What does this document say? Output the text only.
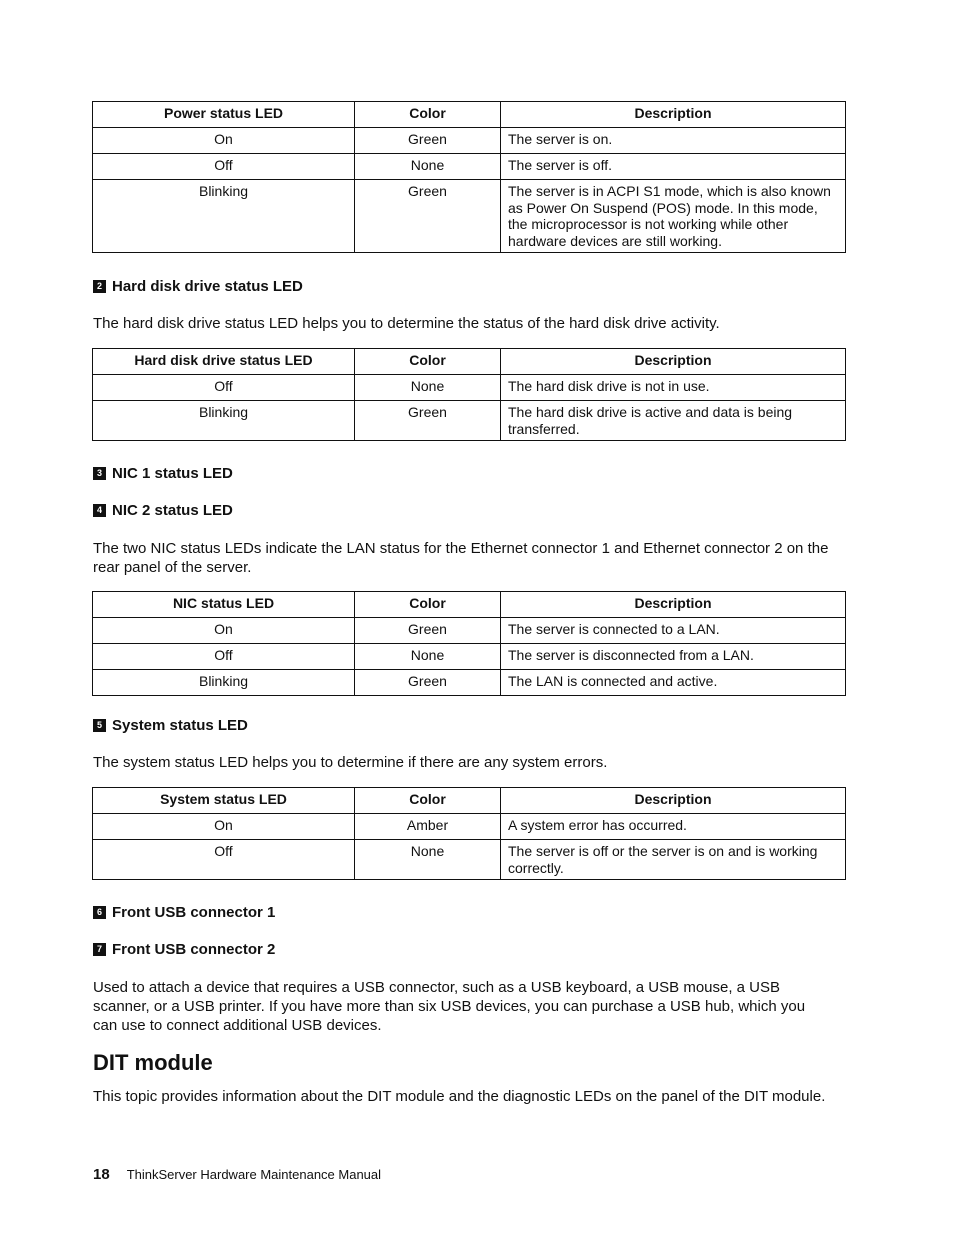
Power status LED	Color	Description
On	Green	The server is on.
Off	None	The server is off.
Blinking	Green	The server is in ACPI S1 mode, which is also known as Power On Suspend (POS) mode. In this mode, the microprocessor is not working while other hardware devices are still working.
2 Hard disk drive status LED

The hard disk drive status LED helps you to determine the status of the hard disk drive activity.

Hard disk drive status LED	Color	Description
Off	None	The hard disk drive is not in use.
Blinking	Green	The hard disk drive is active and data is being transferred.
3 NIC 1 status LED
4 NIC 2 status LED

The two NIC status LEDs indicate the LAN status for the Ethernet connector 1 and Ethernet connector 2 on the rear panel of the server.

NIC status LED	Color	Description
On	Green	The server is connected to a LAN.
Off	None	The server is disconnected from a LAN.
Blinking	Green	The LAN is connected and active.
5 System status LED

The system status LED helps you to determine if there are any system errors.

System status LED	Color	Description
On	Amber	A system error has occurred.
Off	None	The server is off or the server is on and is working correctly.
6 Front USB connector 1
7 Front USB connector 2

Used to attach a device that requires a USB connector, such as a USB keyboard, a USB mouse, a USB scanner, or a USB printer. If you have more than six USB devices, you can purchase a USB hub, which you can use to connect additional USB devices.

DIT module

This topic provides information about the DIT module and the diagnostic LEDs on the panel of the DIT module.

18 ThinkServer Hardware Maintenance Manual
